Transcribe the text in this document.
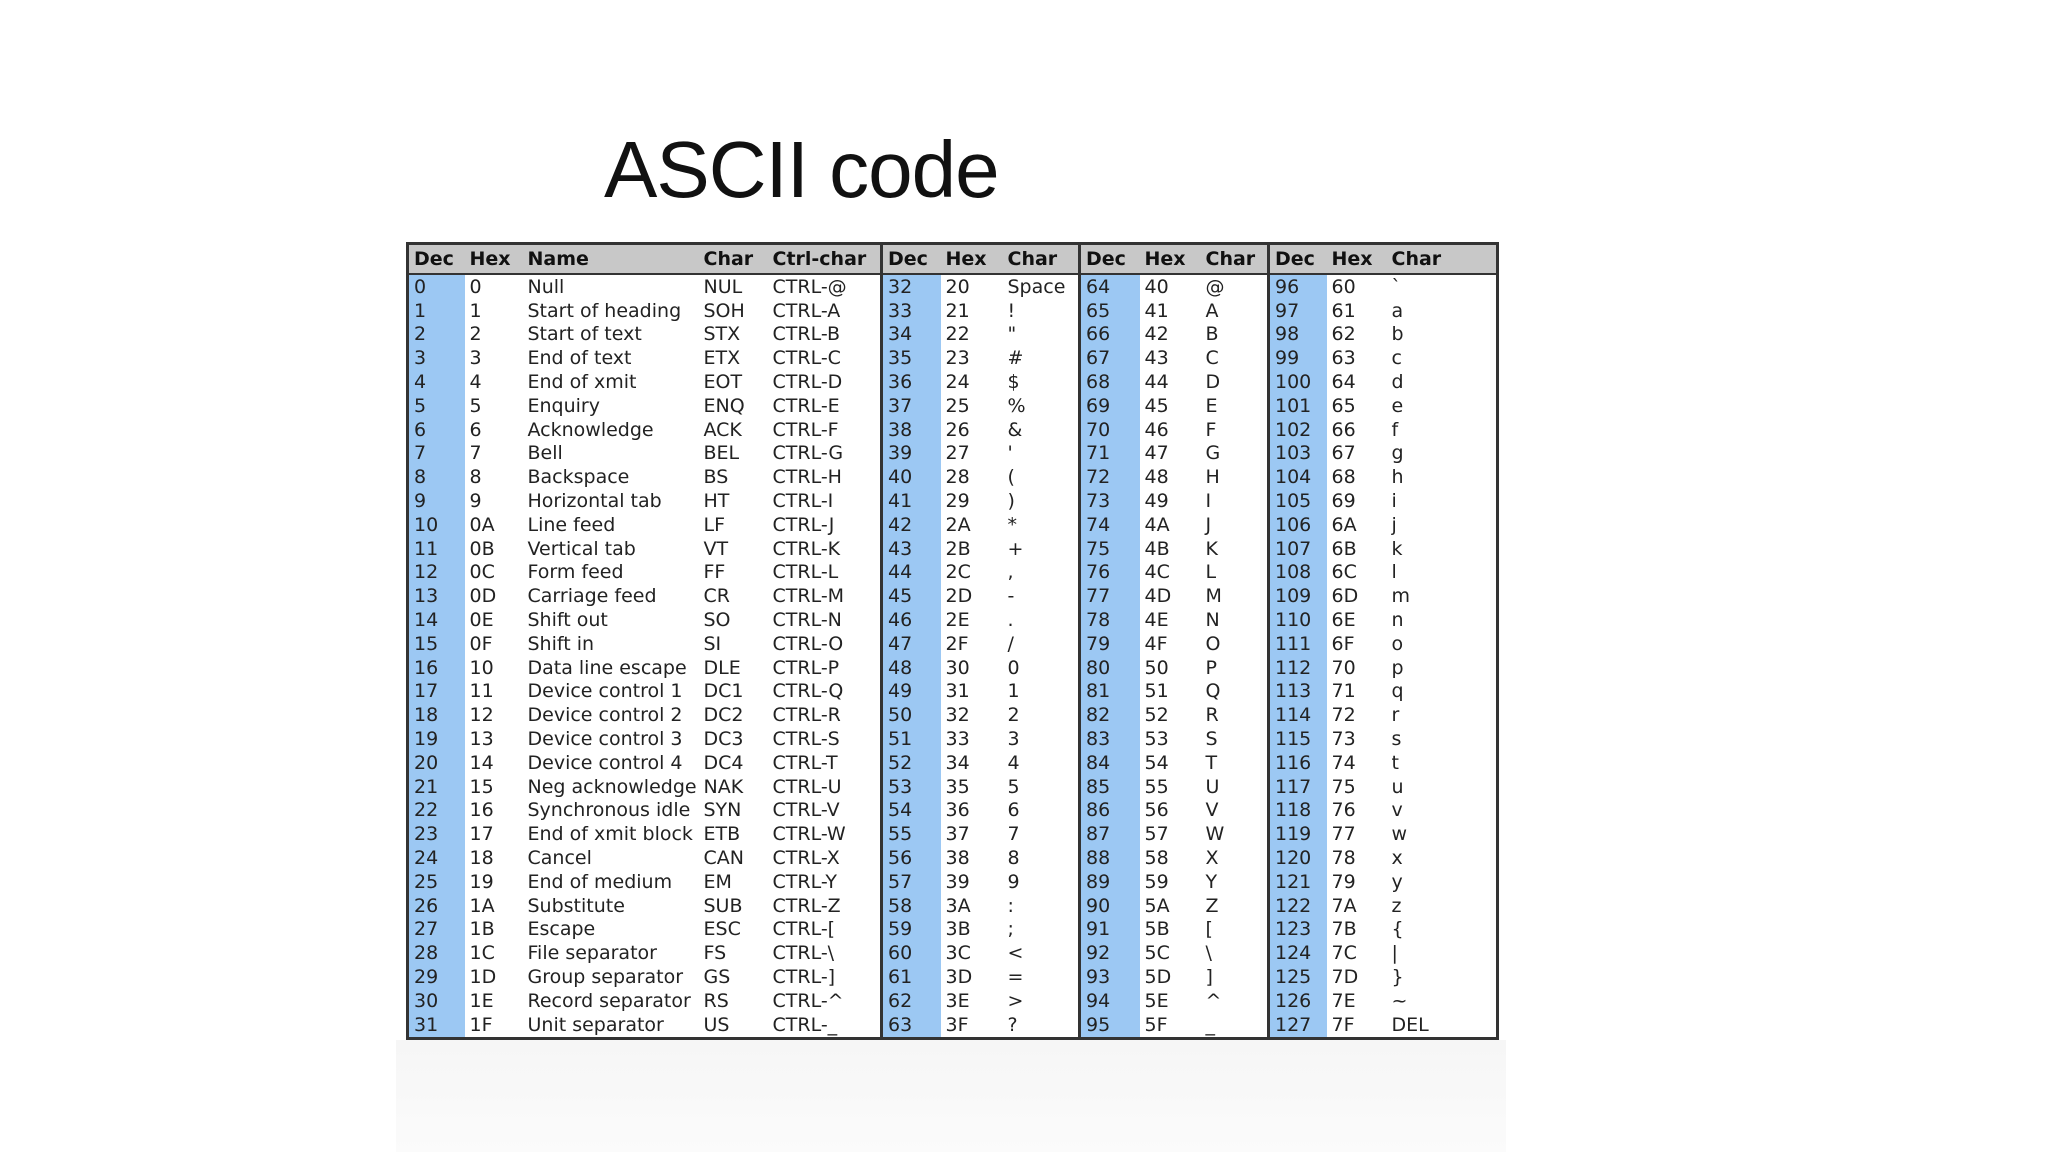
ASCII code
Dec	Hex	Name	Char	Ctrl-char	Dec	Hex	Char	Dec	Hex	Char	Dec	Hex	Char
0	0	Null	NUL	CTRL-@	32	20	Space	64	40	@	96	60	`
1	1	Start of heading	SOH	CTRL-A	33	21	!	65	41	A	97	61	a
2	2	Start of text	STX	CTRL-B	34	22	"	66	42	B	98	62	b
3	3	End of text	ETX	CTRL-C	35	23	#	67	43	C	99	63	c
4	4	End of xmit	EOT	CTRL-D	36	24	$	68	44	D	100	64	d
5	5	Enquiry	ENQ	CTRL-E	37	25	%	69	45	E	101	65	e
6	6	Acknowledge	ACK	CTRL-F	38	26	&	70	46	F	102	66	f
7	7	Bell	BEL	CTRL-G	39	27	'	71	47	G	103	67	g
8	8	Backspace	BS	CTRL-H	40	28	(	72	48	H	104	68	h
9	9	Horizontal tab	HT	CTRL-I	41	29	)	73	49	I	105	69	i
10	0A	Line feed	LF	CTRL-J	42	2A	*	74	4A	J	106	6A	j
11	0B	Vertical tab	VT	CTRL-K	43	2B	+	75	4B	K	107	6B	k
12	0C	Form feed	FF	CTRL-L	44	2C	,	76	4C	L	108	6C	l
13	0D	Carriage feed	CR	CTRL-M	45	2D	-	77	4D	M	109	6D	m
14	0E	Shift out	SO	CTRL-N	46	2E	.	78	4E	N	110	6E	n
15	0F	Shift in	SI	CTRL-O	47	2F	/	79	4F	O	111	6F	o
16	10	Data line escape	DLE	CTRL-P	48	30	0	80	50	P	112	70	p
17	11	Device control 1	DC1	CTRL-Q	49	31	1	81	51	Q	113	71	q
18	12	Device control 2	DC2	CTRL-R	50	32	2	82	52	R	114	72	r
19	13	Device control 3	DC3	CTRL-S	51	33	3	83	53	S	115	73	s
20	14	Device control 4	DC4	CTRL-T	52	34	4	84	54	T	116	74	t
21	15	Neg acknowledge	NAK	CTRL-U	53	35	5	85	55	U	117	75	u
22	16	Synchronous idle	SYN	CTRL-V	54	36	6	86	56	V	118	76	v
23	17	End of xmit block	ETB	CTRL-W	55	37	7	87	57	W	119	77	w
24	18	Cancel	CAN	CTRL-X	56	38	8	88	58	X	120	78	x
25	19	End of medium	EM	CTRL-Y	57	39	9	89	59	Y	121	79	y
26	1A	Substitute	SUB	CTRL-Z	58	3A	:	90	5A	Z	122	7A	z
27	1B	Escape	ESC	CTRL-[	59	3B	;	91	5B	[	123	7B	{
28	1C	File separator	FS	CTRL-\	60	3C	<	92	5C	\	124	7C	|
29	1D	Group separator	GS	CTRL-]	61	3D	=	93	5D	]	125	7D	}
30	1E	Record separator	RS	CTRL-^	62	3E	>	94	5E	^	126	7E	~
31	1F	Unit separator	US	CTRL-_	63	3F	?	95	5F	_	127	7F	DEL
